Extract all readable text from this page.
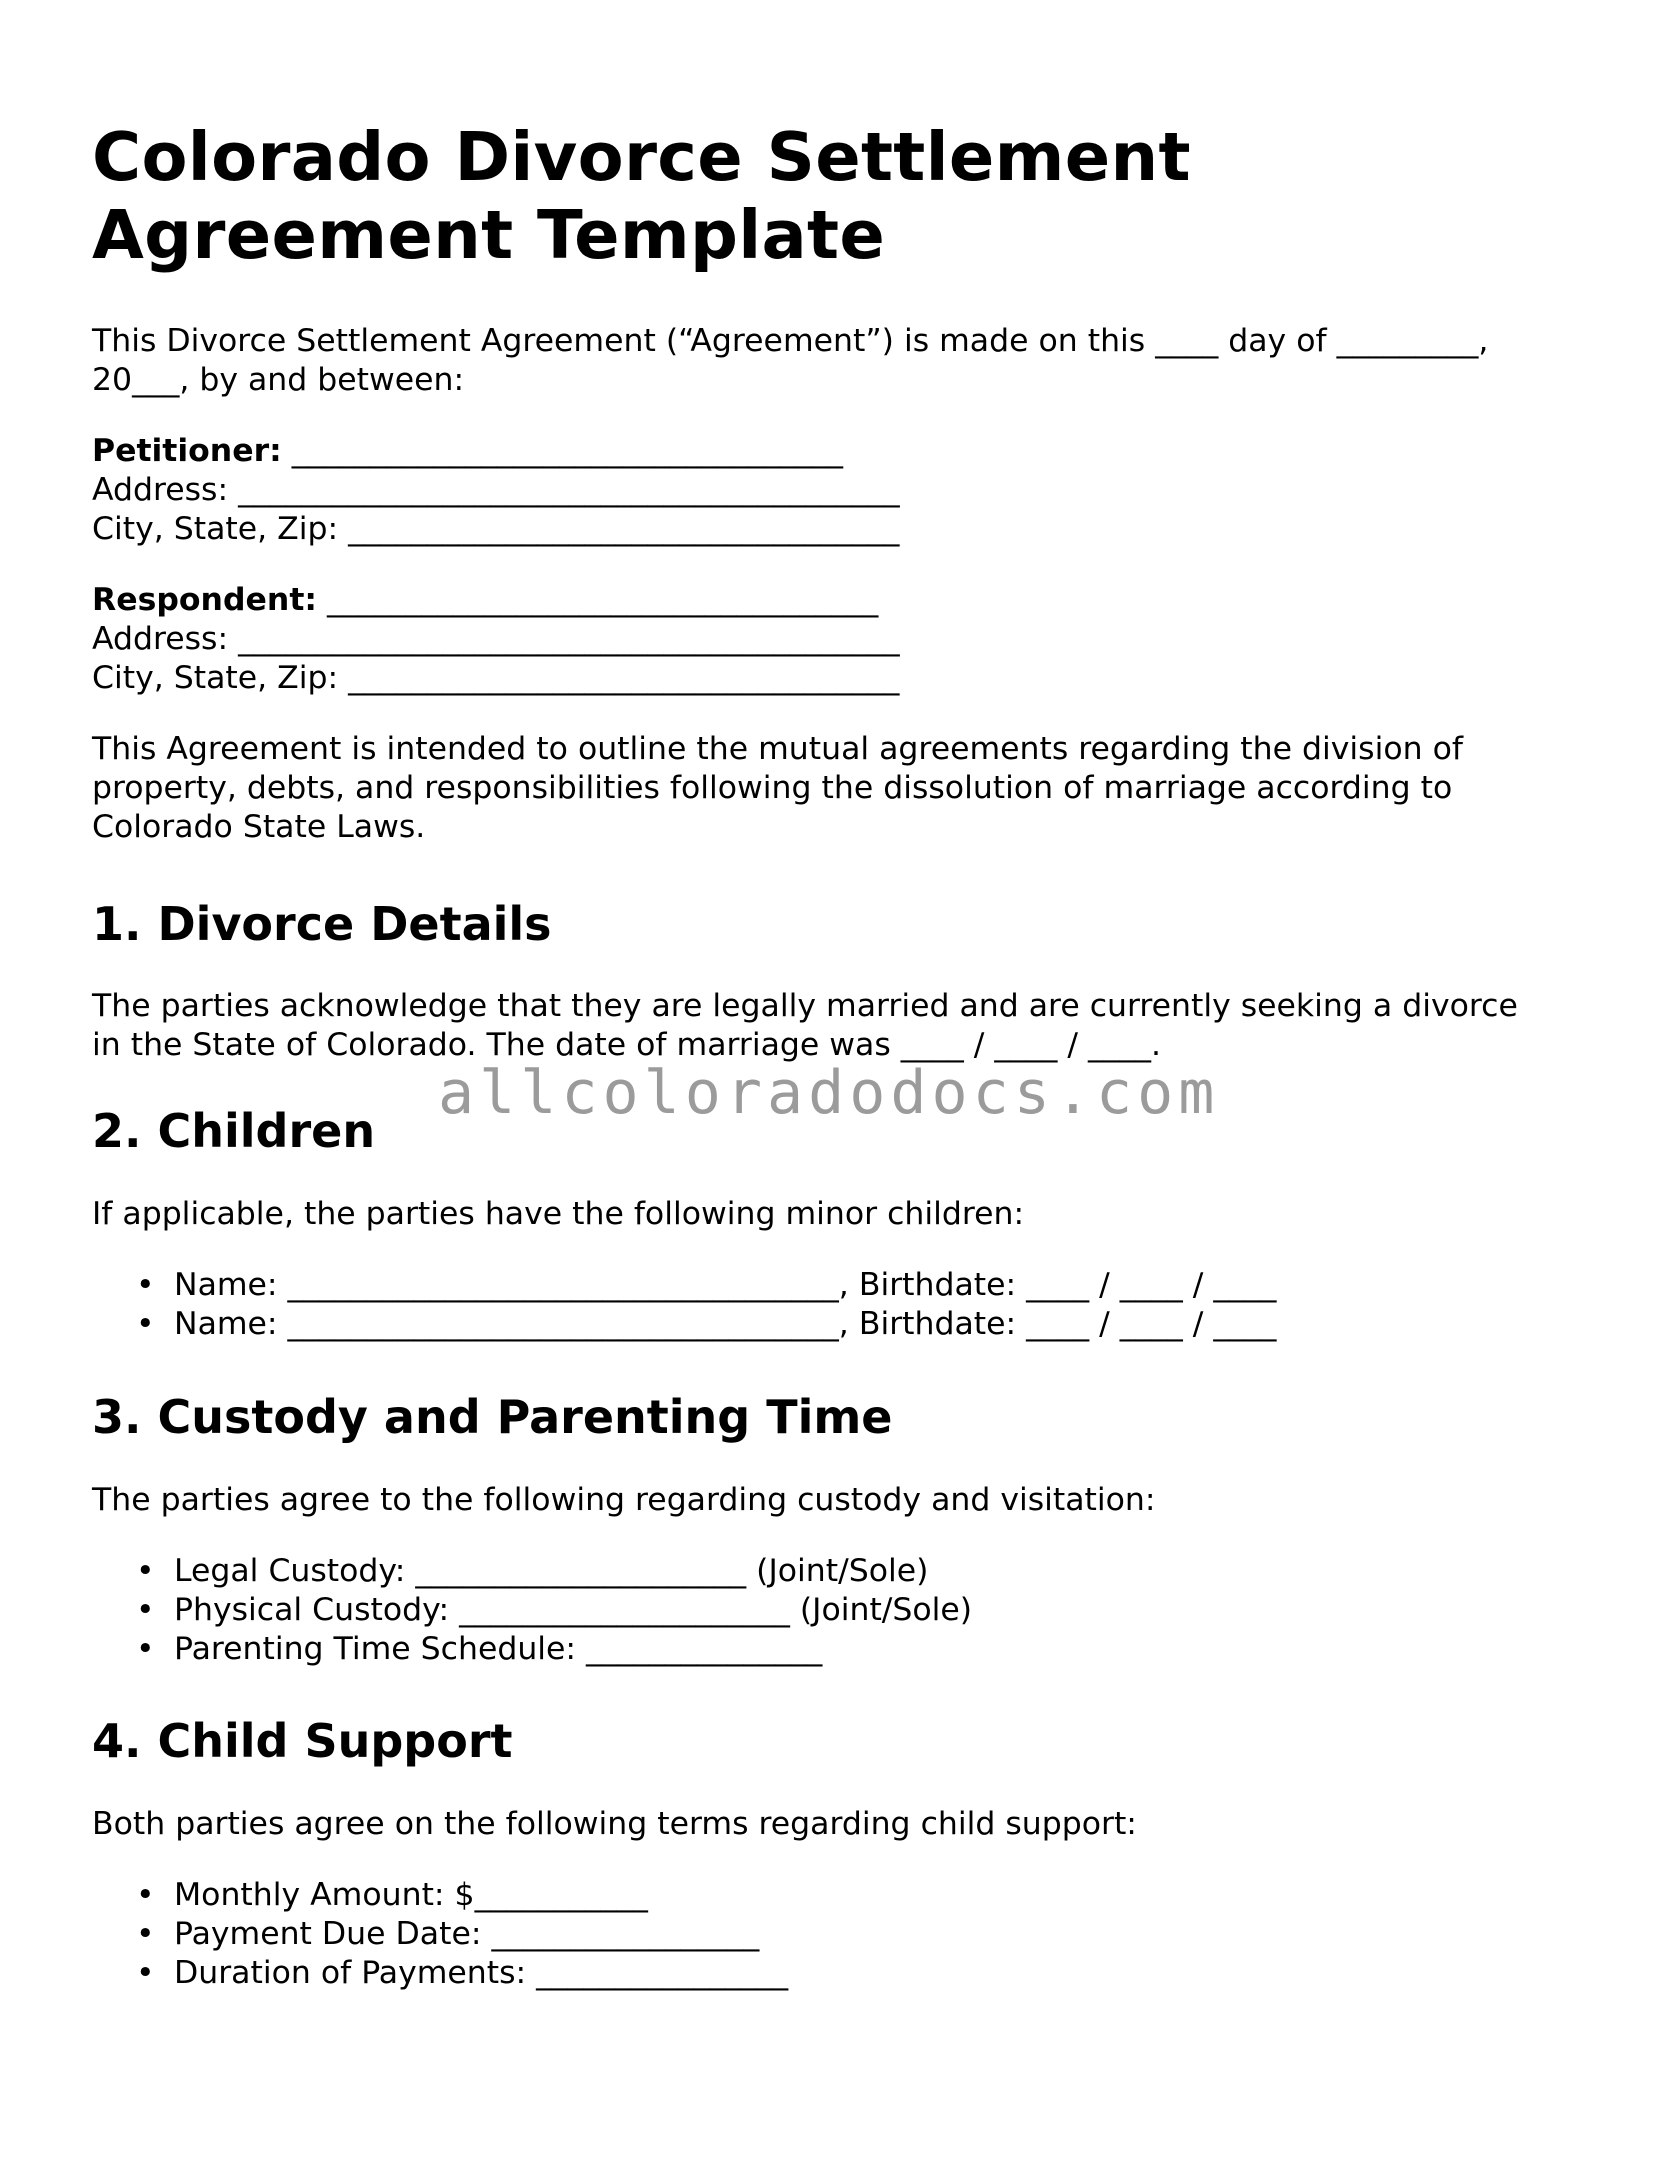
Colorado Divorce Settlement
Agreement Template

This Divorce Settlement Agreement (“Agreement”) is made on this ____ day of _________,
20___, by and between:

Petitioner: ___________________________________
Address: __________________________________________
City, State, Zip: ___________________________________
Respondent: ___________________________________
Address: __________________________________________
City, State, Zip: ___________________________________

This Agreement is intended to outline the mutual agreements regarding the division of
property, debts, and responsibilities following the dissolution of marriage according to
Colorado State Laws.

1. Divorce Details

The parties acknowledge that they are legally married and are currently seeking a divorce
in the State of Colorado. The date of marriage was ____ / ____ / ____.

2. Children

If applicable, the parties have the following minor children:

• Name: ___________________________________, Birthdate: ____ / ____ / ____
• Name: ___________________________________, Birthdate: ____ / ____ / ____
3. Custody and Parenting Time

The parties agree to the following regarding custody and visitation:

• Legal Custody: _____________________ (Joint/Sole)
• Physical Custody: _____________________ (Joint/Sole)
• Parenting Time Schedule: _______________
4. Child Support

Both parties agree on the following terms regarding child support:

• Monthly Amount: $___________
• Payment Due Date: _________________
• Duration of Payments: ________________
allcoloradodocs.com
